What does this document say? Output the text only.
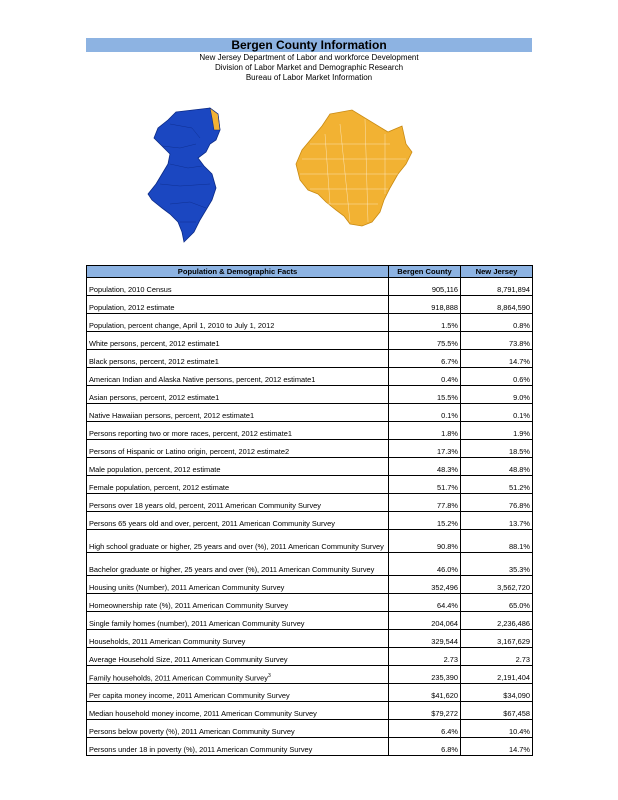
Bergen County Information
New Jersey Department of Labor and workforce Development
Division of Labor Market and Demographic Research
Bureau of Labor Market Information
Population & Demographic Facts	Bergen County	New Jersey
Population, 2010 Census	905,116	8,791,894
Population, 2012 estimate	918,888	8,864,590
Population, percent change, April 1, 2010 to July 1, 2012	1.5%	0.8%
White persons, percent, 2012 estimate1	75.5%	73.8%
Black persons, percent, 2012 estimate1	6.7%	14.7%
American Indian and Alaska Native persons, percent, 2012 estimate1	0.4%	0.6%
Asian persons, percent, 2012 estimate1	15.5%	9.0%
Native Hawaiian persons, percent, 2012 estimate1	0.1%	0.1%
Persons reporting two or more races, percent, 2012 estimate1	1.8%	1.9%
Persons of Hispanic or Latino origin, percent, 2012 estimate2	17.3%	18.5%
Male population, percent, 2012 estimate	48.3%	48.8%
Female population, percent, 2012 estimate	51.7%	51.2%
Persons over 18 years old, percent, 2011 American Community Survey	77.8%	76.8%
Persons 65 years old and over, percent, 2011 American Community Survey	15.2%	13.7%
High school graduate or higher, 25 years and over (%), 2011 American Community Survey	90.8%	88.1%
Bachelor graduate or higher, 25 years and over (%), 2011 American Community Survey	46.0%	35.3%
Housing units (Number), 2011 American Community Survey	352,496	3,562,720
Homeownership rate (%), 2011 American Community Survey	64.4%	65.0%
Single family homes (number), 2011 American Community Survey	204,064	2,236,486
Households, 2011 American Community Survey	329,544	3,167,629
Average Household Size, 2011 American Community Survey	2.73	2.73
Family households, 2011 American Community Survey$^3$	235,390	2,191,404
Per capita money income, 2011 American Community Survey	$41,620	$34,090
Median household money income, 2011 American Community Survey	$79,272	$67,458
Persons below poverty (%), 2011 American Community Survey	6.4%	10.4%
Persons under 18 in poverty (%), 2011 American Community Survey	6.8%	14.7%
